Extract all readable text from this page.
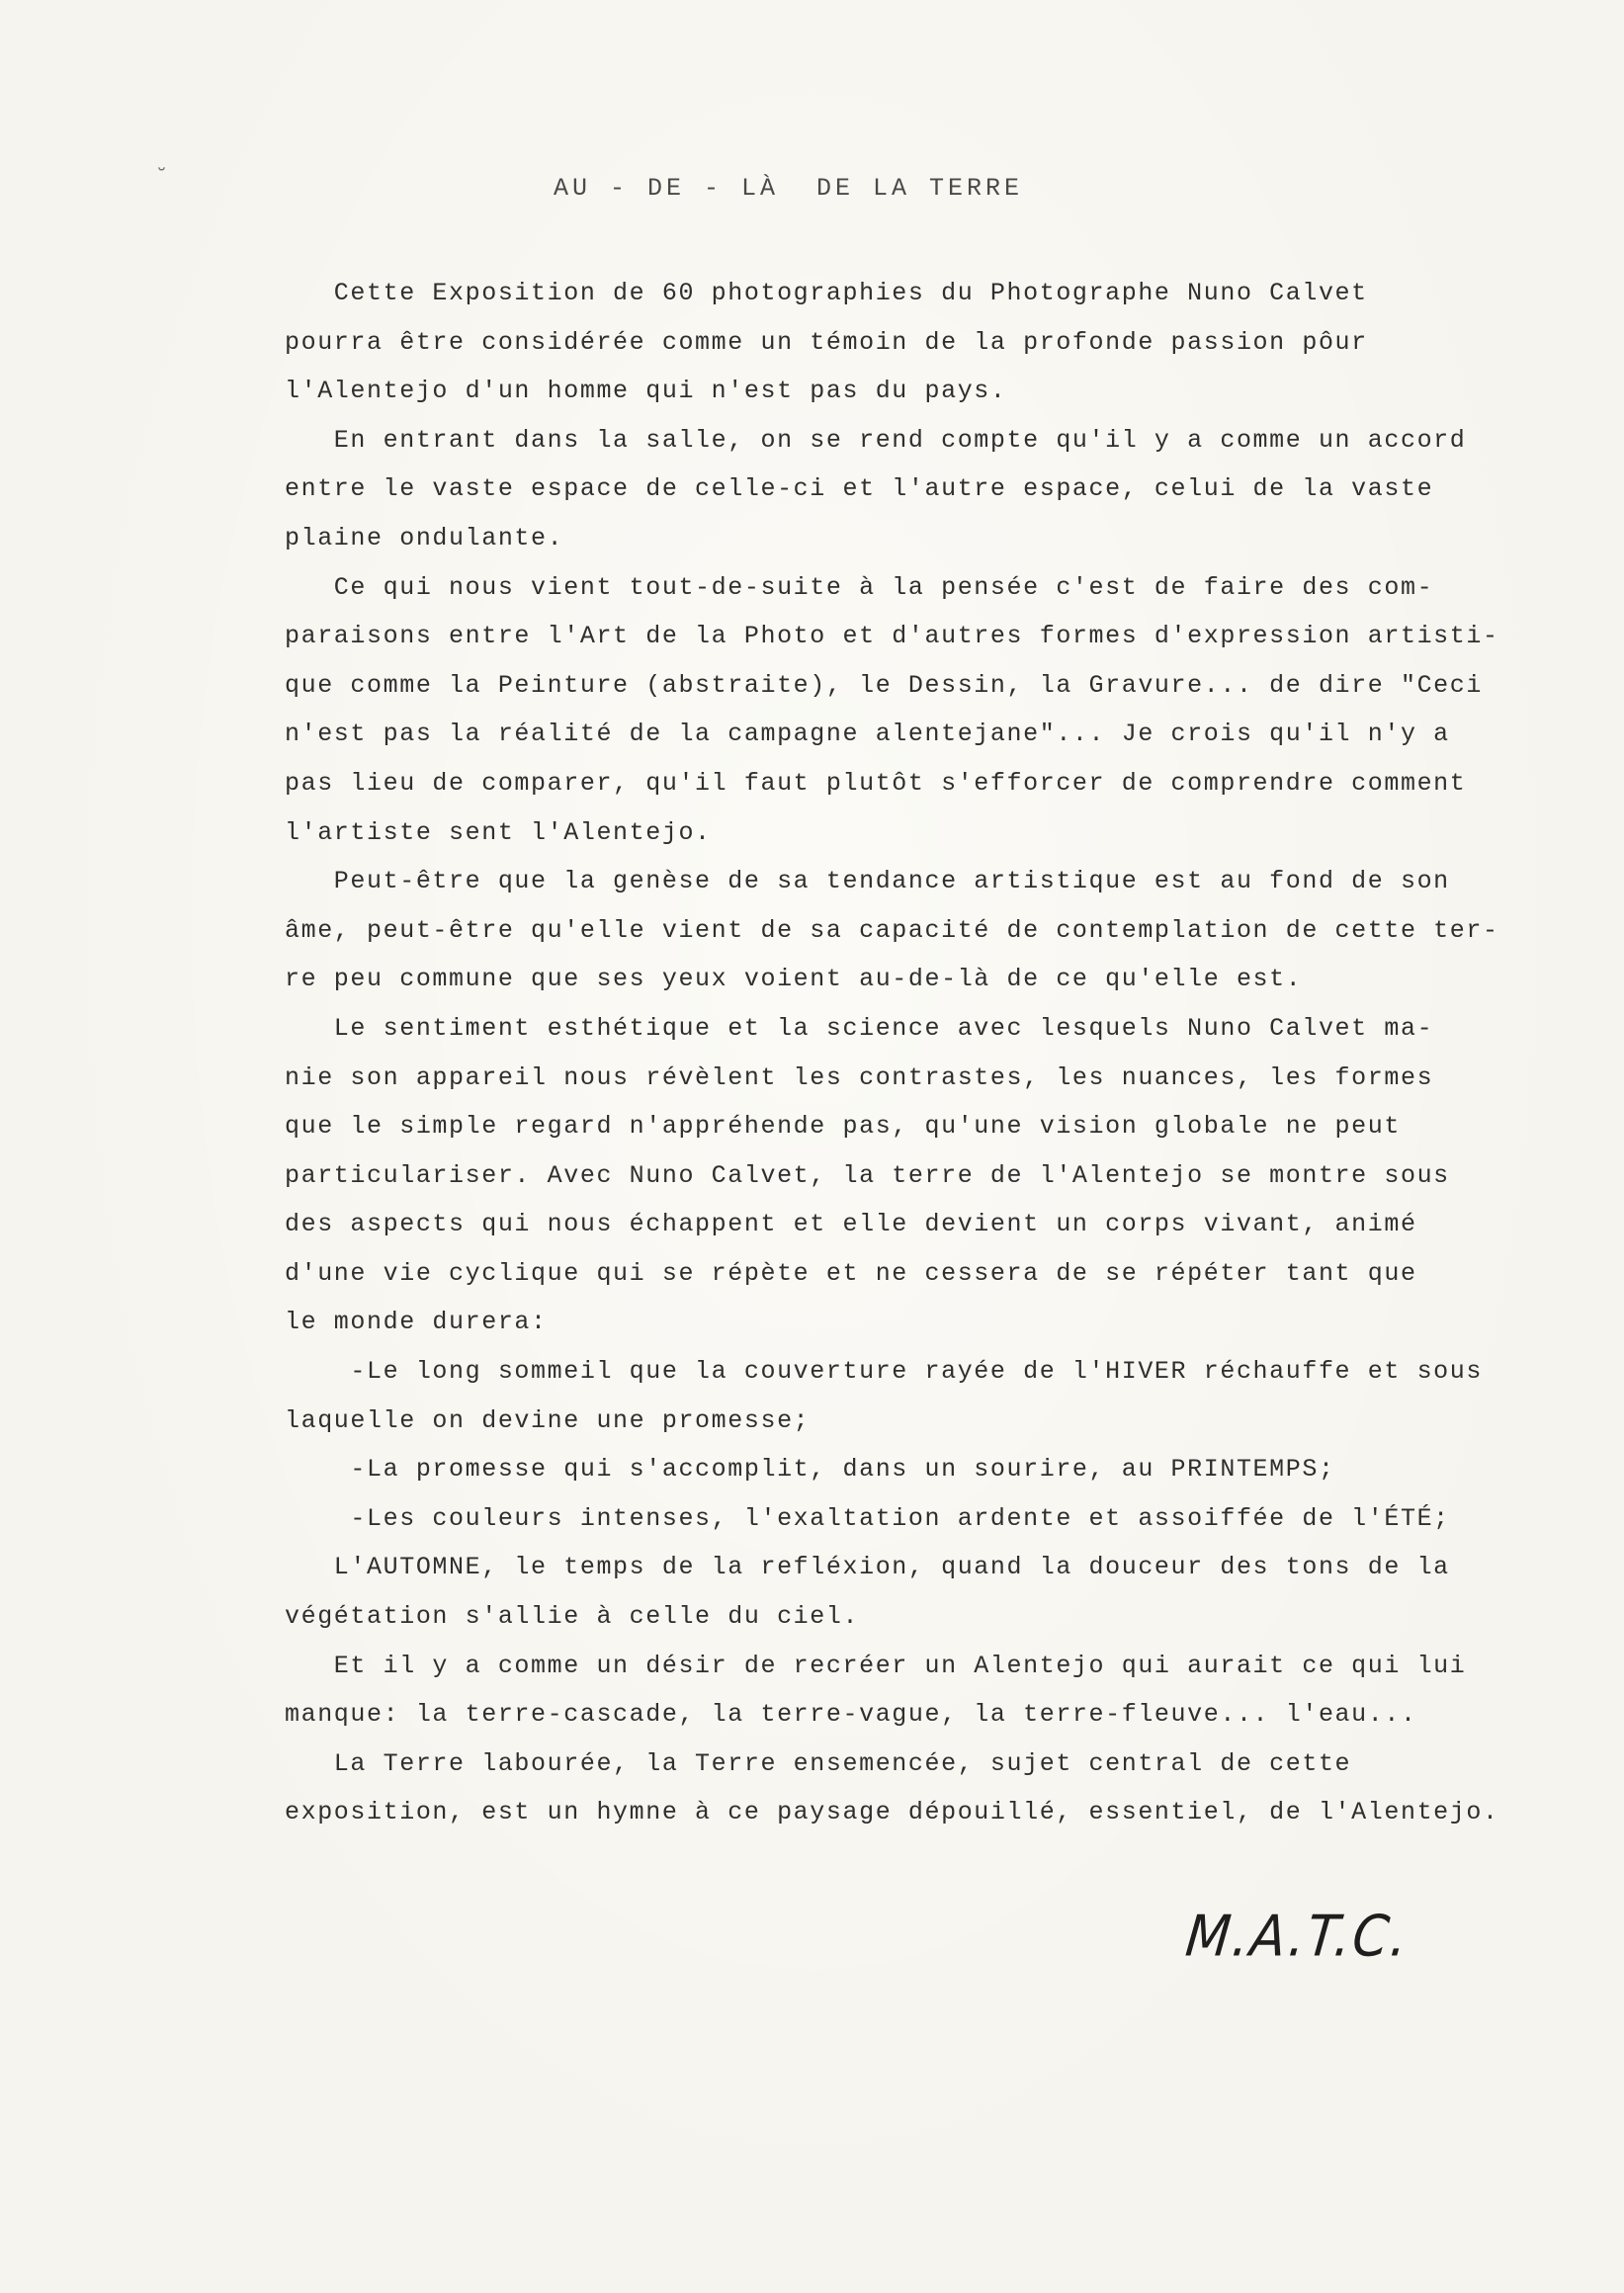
˘	AU - DE - LÀ  DE LA TERRE
Cette Exposition de 60 photographies du Photographe Nuno Calvet
pourra être considérée comme un témoin de la profonde passion pôur
l'Alentejo d'un homme qui n'est pas du pays.
En entrant dans la salle, on se rend compte qu'il y a comme un accord
entre le vaste espace de celle-ci et l'autre espace, celui de la vaste
plaine ondulante.
Ce qui nous vient tout-de-suite à la pensée c'est de faire des com-
paraisons entre l'Art de la Photo et d'autres formes d'expression artisti-
que comme la Peinture (abstraite), le Dessin, la Gravure... de dire "Ceci
n'est pas la réalité de la campagne alentejane"... Je crois qu'il n'y a
pas lieu de comparer, qu'il faut plutôt s'efforcer de comprendre comment
l'artiste sent l'Alentejo.
Peut-être que la genèse de sa tendance artistique est au fond de son
âme, peut-être qu'elle vient de sa capacité de contemplation de cette ter-
re peu commune que ses yeux voient au-de-là de ce qu'elle est.
Le sentiment esthétique et la science avec lesquels Nuno Calvet ma-
nie son appareil nous révèlent les contrastes, les nuances, les formes
que le simple regard n'appréhende pas, qu'une vision globale ne peut
particulariser. Avec Nuno Calvet, la terre de l'Alentejo se montre sous
des aspects qui nous échappent et elle devient un corps vivant, animé
d'une vie cyclique qui se répète et ne cessera de se répéter tant que
le monde durera:
-Le long sommeil que la couverture rayée de l'HIVER réchauffe et sous
laquelle on devine une promesse;
-La promesse qui s'accomplit, dans un sourire, au PRINTEMPS;
-Les couleurs intenses, l'exaltation ardente et assoiffée de l'ÉTÉ;
L'AUTOMNE, le temps de la refléxion, quand la douceur des tons de la
végétation s'allie à celle du ciel.
Et il y a comme un désir de recréer un Alentejo qui aurait ce qui lui
manque: la terre-cascade, la terre-vague, la terre-fleuve... l'eau...
La Terre labourée, la Terre ensemencée, sujet central de cette
exposition, est un hymne à ce paysage dépouillé, essentiel, de l'Alentejo.
M.A.T.C.
